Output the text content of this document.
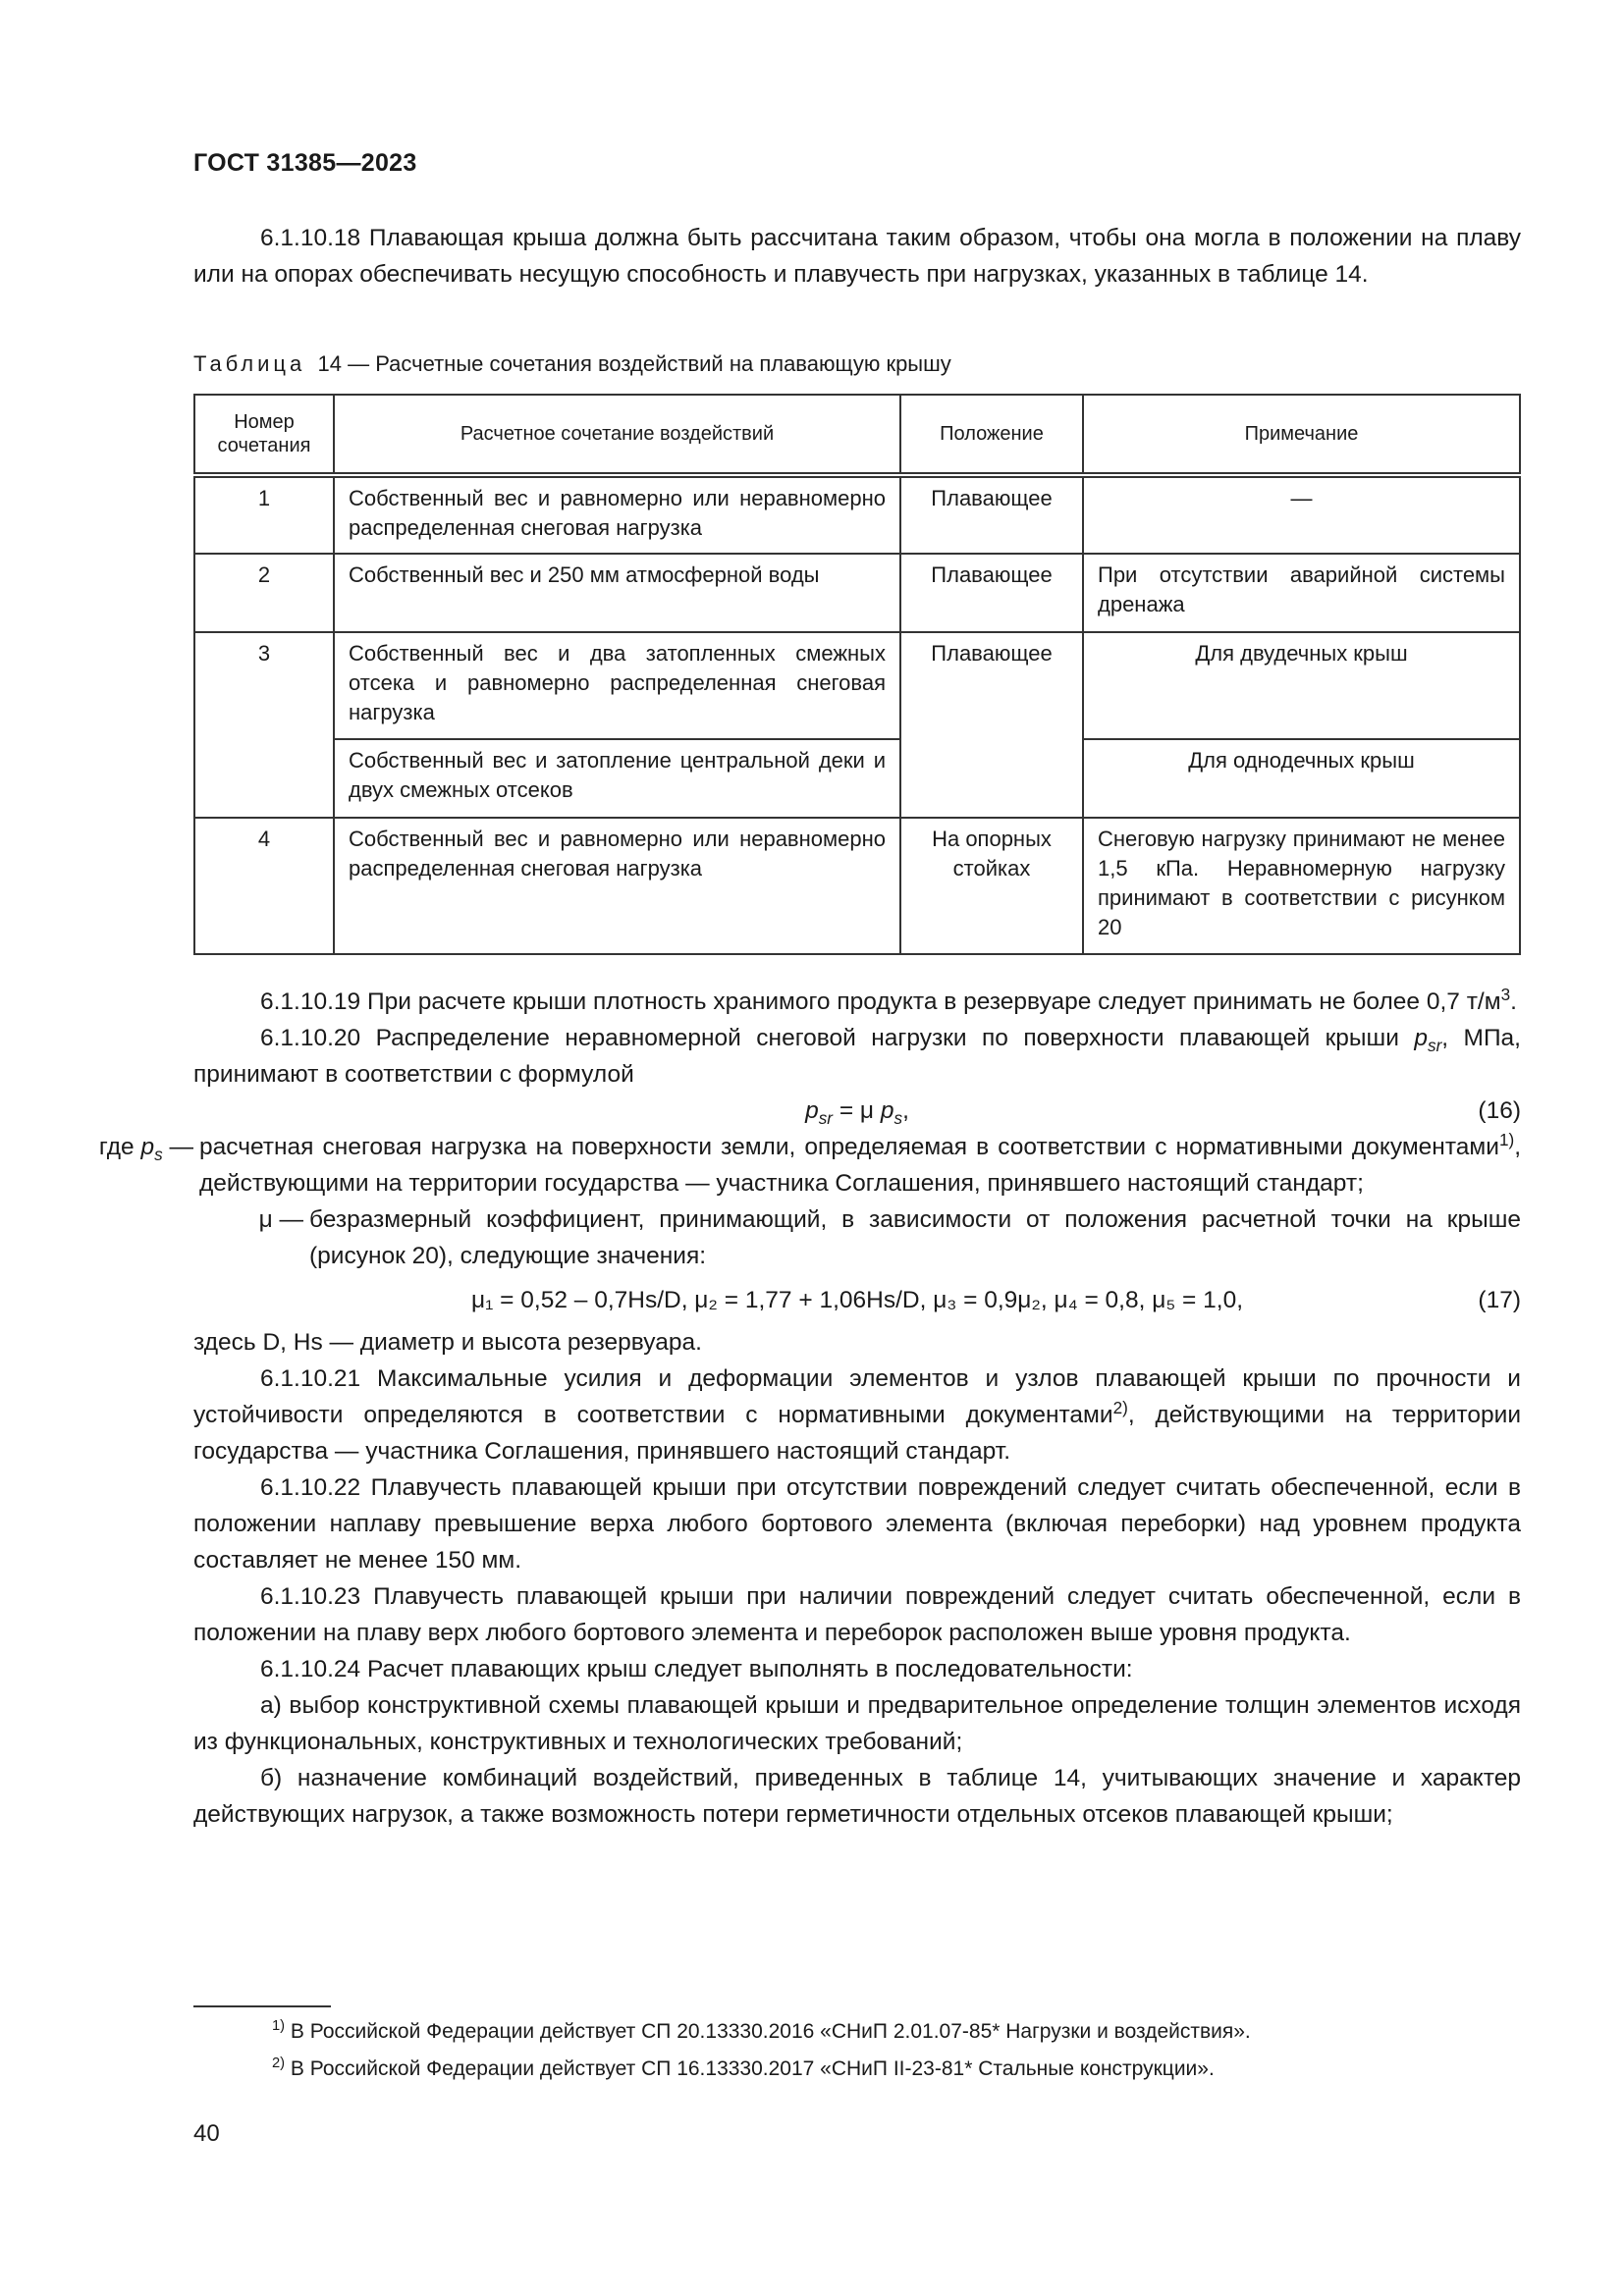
ГОСТ 31385—2023

6.1.10.18 Плавающая крыша должна быть рассчитана таким образом, чтобы она могла в положении на плаву или на опорах обеспечивать несущую способность и плавучесть при нагрузках, указанных в таблице 14.

Таблица 14 — Расчетные сочетания воздействий на плавающую крышу
Номер сочетания	Расчетное сочетание воздействий	Положение	Примечание
1	Собственный вес и равномерно или неравномерно распределенная снеговая нагрузка	Плавающее	—
2	Собственный вес и 250 мм атмосферной воды	Плавающее	При отсутствии аварийной системы дренажа
3	Собственный вес и два затопленных смежных отсека и равномерно распределенная снеговая нагрузка	Плавающее	Для двудечных крыш
	Собственный вес и затопление центральной деки и двух смежных отсеков		Для однодечных крыш
4	Собственный вес и равномерно или неравномерно распределенная снеговая нагрузка	На опорных стойках	Снеговую нагрузку принимают не менее 1,5 кПа. Неравномерную нагрузку принимают в соответствии с рисунком 20

6.1.10.19 При расчете крыши плотность хранимого продукта в резервуаре следует принимать не более 0,7 $т/м^3$.

6.1.10.20 Распределение неравномерной снеговой нагрузки по поверхности плавающей крыши $p_{sr}$, МПа, принимают в соответствии с формулой

$p_{sr} = \mu$ $p_s$,	(16)
где $p_s$ — расчетная снеговая нагрузка на поверхности земли, определяемая в соответствии с нормативными документами$^{1)}$, действующими на территории государства — участника Соглашения, принявшего настоящий стандарт;
μ — безразмерный коэффициент, принимающий, в зависимости от положения расчетной точки на крыше (рисунок 20), следующие значения:
μ₁ = 0,52 – 0,7Hs/D, μ₂ = 1,77 + 1,06Hs/D, μ₃ = 0,9μ₂, μ₄ = 0,8, μ₅ = 1,0,	(17)

здесь D, Hs — диаметр и высота резервуара.

6.1.10.21 Максимальные усилия и деформации элементов и узлов плавающей крыши по прочности и устойчивости определяются в соответствии с нормативными документами$^{2)}$, действующими на территории государства — участника Соглашения, принявшего настоящий стандарт.

6.1.10.22 Плавучесть плавающей крыши при отсутствии повреждений следует считать обеспеченной, если в положении наплаву превышение верха любого бортового элемента (включая переборки) над уровнем продукта составляет не менее 150 мм.

6.1.10.23 Плавучесть плавающей крыши при наличии повреждений следует считать обеспеченной, если в положении на плаву верх любого бортового элемента и переборок расположен выше уровня продукта.

6.1.10.24 Расчет плавающих крыш следует выполнять в последовательности:

а) выбор конструктивной схемы плавающей крыши и предварительное определение толщин элементов исходя из функциональных, конструктивных и технологических требований;

б) назначение комбинаций воздействий, приведенных в таблице 14, учитывающих значение и характер действующих нагрузок, а также возможность потери герметичности отдельных отсеков плавающей крыши;

$^{1)}$ В Российской Федерации действует СП 20.13330.2016 «СНиП 2.01.07-85* Нагрузки и воздействия».
$^{2)}$ В Российской Федерации действует СП 16.13330.2017 «СНиП II-23-81* Стальные конструкции».
40
